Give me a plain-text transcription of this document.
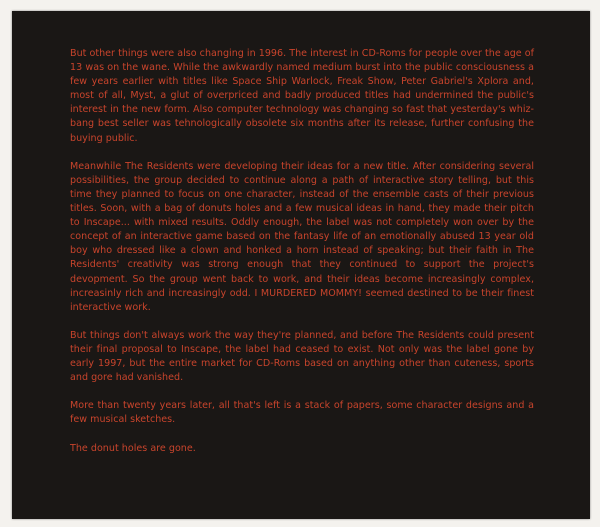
But other things were also changing in 1996. The interest in CD-Roms for people over the age of 13 was on the wane. While the awkwardly named medium burst into the public consciousness a few years earlier with titles like Space Ship Warlock, Freak Show, Peter Gabriel's Xplora and, most of all, Myst, a glut of overpriced and badly produced titles had undermined the public's interest in the new form. Also computer technology was changing so fast that yesterday's whiz-bang best seller was tehnologically obsolete six months after its release, further confusing the buying public.

Meanwhile The Residents were developing their ideas for a new title. After considering several possibilities, the group decided to continue along a path of interactive story telling, but this time they planned to focus on one character, instead of the ensemble casts of their previous titles. Soon, with a bag of donuts holes and a few musical ideas in hand, they made their pitch to Inscape... with mixed results. Oddly enough, the label was not completely won over by the concept of an interactive game based on the fantasy life of an emotionally abused 13 year old boy who dressed like a clown and honked a horn instead of speaking; but their faith in The Residents' creativity was strong enough that they continued to support the project's devopment. So the group went back to work, and their ideas become increasingly complex, increasinly rich and increasingly odd. I MURDERED MOMMY! seemed destined to be their finest interactive work.

But things don't always work the way they're planned, and before The Residents could present their final proposal to Inscape, the label had ceased to exist. Not only was the label gone by early 1997, but the entire market for CD-Roms based on anything other than cuteness, sports and gore had vanished.

More than twenty years later, all that's left is a stack of papers, some character designs and a few musical sketches.

The donut holes are gone.
